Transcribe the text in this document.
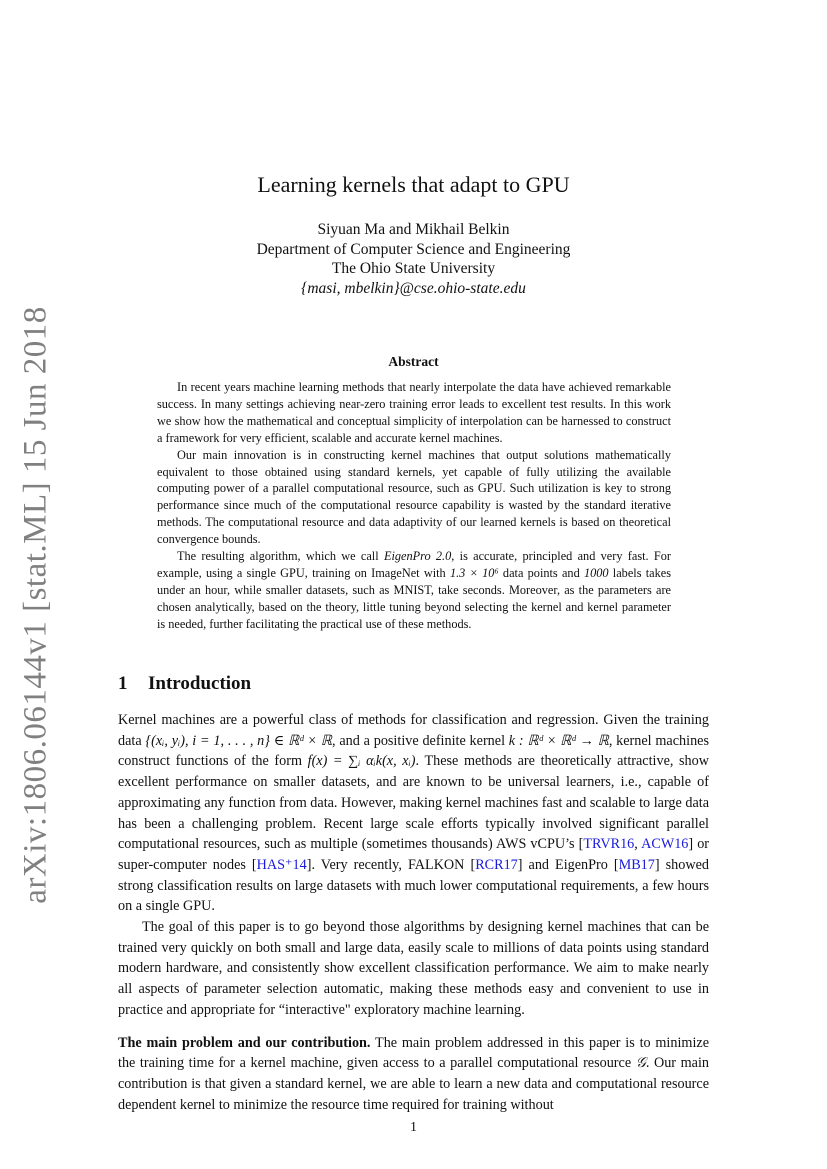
arXiv:1806.06144v1 [stat.ML] 15 Jun 2018
Learning kernels that adapt to GPU
Siyuan Ma and Mikhail Belkin
Department of Computer Science and Engineering
The Ohio State University
{masi, mbelkin}@cse.ohio-state.edu
Abstract

In recent years machine learning methods that nearly interpolate the data have achieved remarkable success. In many settings achieving near-zero training error leads to excellent test results. In this work we show how the mathematical and conceptual simplicity of interpolation can be harnessed to construct a framework for very efficient, scalable and accurate kernel machines.

Our main innovation is in constructing kernel machines that output solutions mathematically equivalent to those obtained using standard kernels, yet capable of fully utilizing the available computing power of a parallel computational resource, such as GPU. Such utilization is key to strong performance since much of the computational resource capability is wasted by the standard iterative methods. The computational resource and data adaptivity of our learned kernels is based on theoretical convergence bounds.

The resulting algorithm, which we call EigenPro 2.0, is accurate, principled and very fast. For example, using a single GPU, training on ImageNet with 1.3 × 10⁶ data points and 1000 labels takes under an hour, while smaller datasets, such as MNIST, take seconds. Moreover, as the parameters are chosen analytically, based on the theory, little tuning beyond selecting the kernel and kernel parameter is needed, further facilitating the practical use of these methods.

1 Introduction

Kernel machines are a powerful class of methods for classification and regression. Given the training data {(xᵢ, yᵢ), i = 1, . . . , n} ∈ ℝᵈ × ℝ, and a positive definite kernel k : ℝᵈ × ℝᵈ → ℝ, kernel machines construct functions of the form f(x) = ∑ᵢ αᵢk(x, xᵢ). These methods are theoretically attractive, show excellent performance on smaller datasets, and are known to be universal learners, i.e., capable of approximating any function from data. However, making kernel machines fast and scalable to large data has been a challenging problem. Recent large scale efforts typically involved significant parallel computational resources, such as multiple (sometimes thousands) AWS vCPU’s [TRVR16, ACW16] or super-computer nodes [HAS⁺14]. Very recently, FALKON [RCR17] and EigenPro [MB17] showed strong classification results on large datasets with much lower computational requirements, a few hours on a single GPU.

The goal of this paper is to go beyond those algorithms by designing kernel machines that can be trained very quickly on both small and large data, easily scale to millions of data points using standard modern hardware, and consistently show excellent classification performance. We aim to make nearly all aspects of parameter selection automatic, making these methods easy and convenient to use in practice and appropriate for “interactive" exploratory machine learning.

The main problem and our contribution. The main problem addressed in this paper is to minimize the training time for a kernel machine, given access to a parallel computational resource 𝒢. Our main contribution is that given a standard kernel, we are able to learn a new data and computational resource dependent kernel to minimize the resource time required for training without

1
